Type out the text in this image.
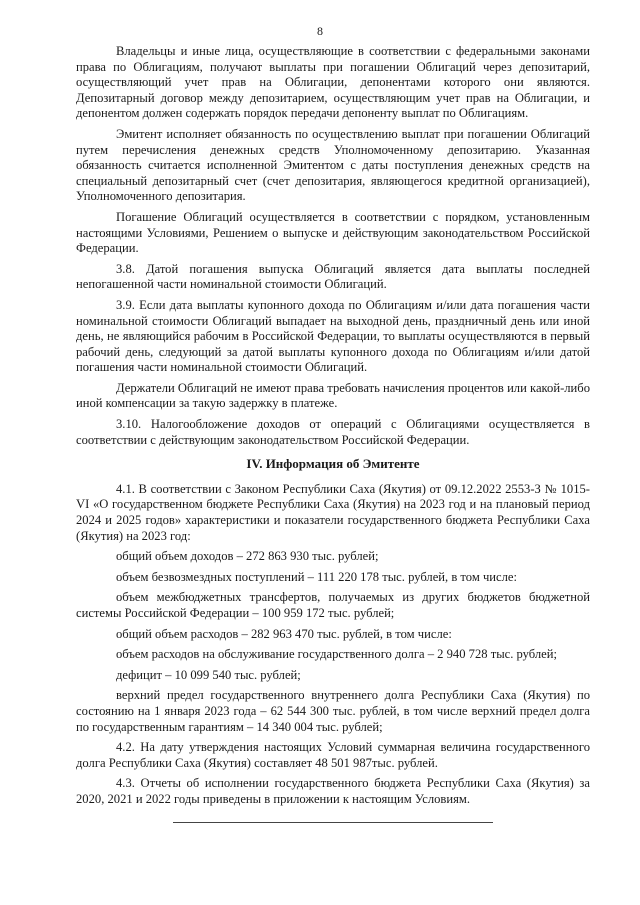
8

Владельцы и иные лица, осуществляющие в соответствии с федеральными законами права по Облигациям, получают выплаты при погашении Облигаций через депозитарий, осуществляющий учет прав на Облигации, депонентами которого они являются. Депозитарный договор между депозитарием, осуществляющим учет прав на Облигации, и депонентом должен содержать порядок передачи депоненту выплат по Облигациям.

Эмитент исполняет обязанность по осуществлению выплат при погашении Облигаций путем перечисления денежных средств Уполномоченному депозитарию. Указанная обязанность считается исполненной Эмитентом с даты поступления денежных средств на специальный депозитарный счет (счет депозитария, являющегося кредитной организацией), Уполномоченного депозитария.

Погашение Облигаций осуществляется в соответствии с порядком, установленным настоящими Условиями, Решением о выпуске и действующим законодательством Российской Федерации.

3.8. Датой погашения выпуска Облигаций является дата выплаты последней непогашенной части номинальной стоимости Облигаций.

3.9. Если дата выплаты купонного дохода по Облигациям и/или дата погашения части номинальной стоимости Облигаций выпадает на выходной день, праздничный день или иной день, не являющийся рабочим в Российской Федерации, то выплаты осуществляются в первый рабочий день, следующий за датой выплаты купонного дохода по Облигациям и/или датой погашения части номинальной стоимости Облигаций.

Держатели Облигаций не имеют права требовать начисления процентов или какой-либо иной компенсации за такую задержку в платеже.

3.10. Налогообложение доходов от операций с Облигациями осуществляется в соответствии с действующим законодательством Российской Федерации.

IV. Информация об Эмитенте

4.1. В соответствии с Законом Республики Саха (Якутия) от 09.12.2022 2553-З № 1015-VI «О государственном бюджете Республики Саха (Якутия) на 2023 год и на плановый период 2024 и 2025 годов» характеристики и показатели государственного бюджета Республики Саха (Якутия) на 2023 год:

общий объем доходов – 272 863 930 тыс. рублей;

объем безвозмездных поступлений – 111 220 178 тыс. рублей, в том числе:

объем межбюджетных трансфертов, получаемых из других бюджетов бюджетной системы Российской Федерации – 100 959 172 тыс. рублей;

общий объем расходов – 282 963 470 тыс. рублей, в том числе:

объем расходов на обслуживание государственного долга – 2 940 728 тыс. рублей;

дефицит – 10 099 540 тыс. рублей;

верхний предел государственного внутреннего долга Республики Саха (Якутия) по состоянию на 1 января 2023 года – 62 544 300 тыс. рублей, в том числе верхний предел долга по государственным гарантиям – 14 340 004 тыс. рублей;

4.2. На дату утверждения настоящих Условий суммарная величина государственного долга Республики Саха (Якутия) составляет 48 501 987тыс. рублей.

4.3. Отчеты об исполнении государственного бюджета Республики Саха (Якутия) за 2020, 2021 и 2022 годы приведены в приложении к настоящим Условиям.
